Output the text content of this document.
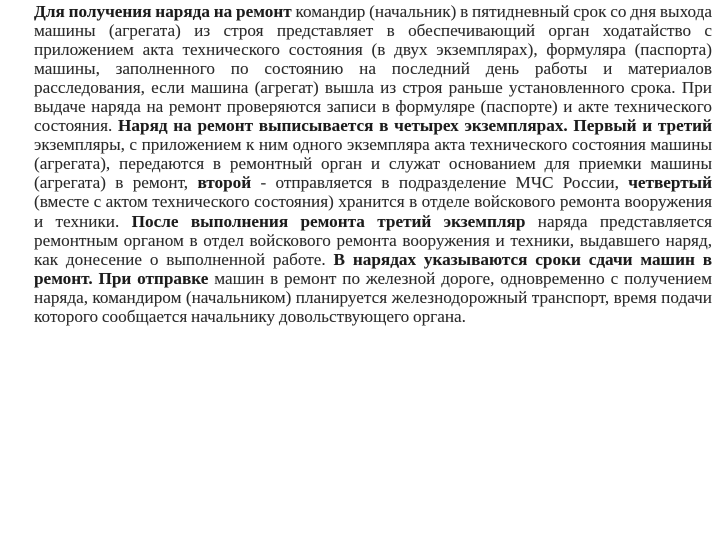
Для получения наряда на ремонт командир (начальник) в пятидневный срок со дня выхода машины (агрегата) из строя представляет в обеспечивающий орган ходатайство с приложением акта технического состояния (в двух экземплярах), формуляра (паспорта) машины, заполненного по состоянию на последний день работы и материалов расследования, если машина (агрегат) вышла из строя раньше установленного срока. При выдаче наряда на ремонт проверяются записи в формуляре (паспорте) и акте технического состояния. Наряд на ремонт выписывается в четырех экземплярах. Первый и третий экземпляры, с приложением к ним одного экземпляра акта технического состояния машины (агрегата), передаются в ремонтный орган и служат основанием для приемки машины (агрегата) в ремонт, второй - отправляется в подразделение МЧС России, четвертый (вместе с актом технического состояния) хранится в отделе войскового ремонта вооружения и техники. После выполнения ремонта третий экземпляр наряда представляется ремонтным органом в отдел войскового ремонта вооружения и техники, выдавшего наряд, как донесение о выполненной работе. В нарядах указываются сроки сдачи машин в ремонт. При отправке машин в ремонт по железной дороге, одновременно с получением наряда, командиром (начальником) планируется железнодорожный транспорт, время подачи которого сообщается начальнику довольствующего органа.
